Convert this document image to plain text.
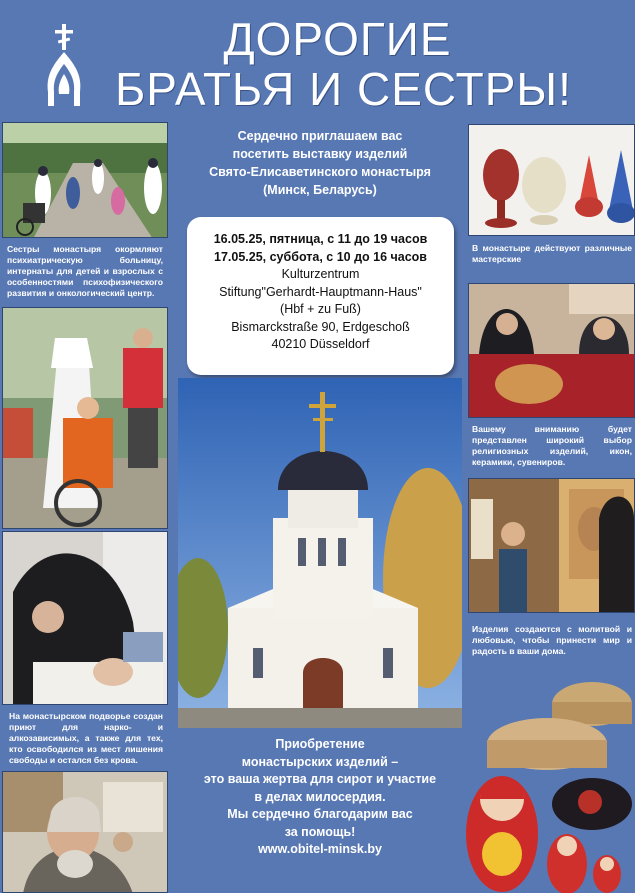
ДОРОГИЕ
БРАТЬЯ И СЕСТРЫ!
Сестры монастыря окормляют психиатрическую больницу, интернаты для детей и взрослых с особенностями психофизического развития и онкологический центр.
На монастырском подворье создан приют для нарко- и алкозависимых, а также для тех, кто освободился из мест лишения свободы и остался без крова.
Сердечно приглашаем вас
посетить выставку изделий
Свято-Елисаветинского монастыря
(Минск, Беларусь)
16.05.25, пятница, с 11 до 19 часов
17.05.25, суббота, с 10 до 16 часов
Kulturzentrum
Stiftung"Gerhardt-Hauptmann-Haus"
(Hbf + zu Fuß)
Bismarckstraße 90, Erdgeschoß
40210 Düsseldorf
Приобретение
монастырских изделий –
это ваша жертва для сирот и участие
в делах милосердия.
Мы сердечно благодарим вас
за помощь!
www.obitel-minsk.by
В монастыре действуют различные мастерские
Вашему вниманию будет представлен широкий выбор религиозных изделий, икон, керамики, сувениров.
Изделия создаются с молитвой и любовью, чтобы принести мир и радость в ваши дома.
